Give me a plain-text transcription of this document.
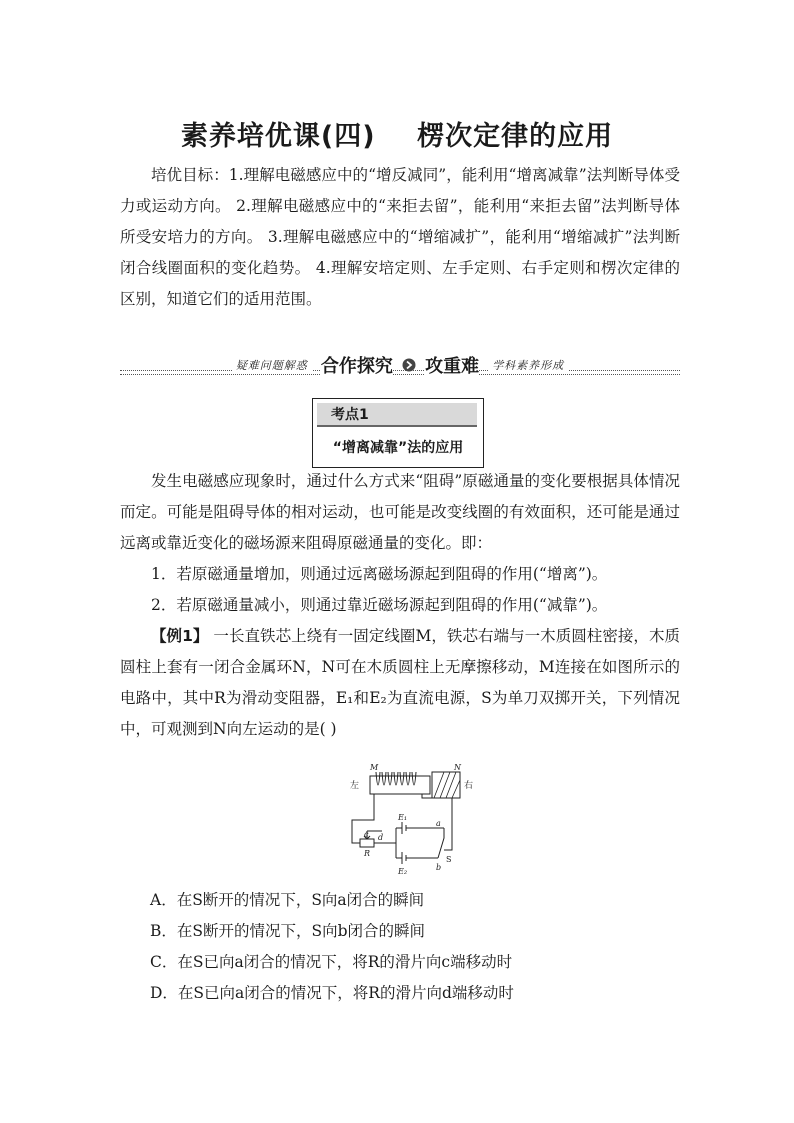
素养培优课(四)    楞次定律的应用
培优目标：1.理解电磁感应中的“增反减同”，能利用“增离减靠”法判断导体受力或运动方向。 2.理解电磁感应中的“来拒去留”，能利用“来拒去留”法判断导体所受安培力的方向。 3.理解电磁感应中的“增缩减扩”，能利用“增缩减扩”法判断闭合线圈面积的变化趋势。 4.理解安培定则、左手定则、右手定则和楞次定律的区别，知道它们的适用范围。
疑难问题解惑 合作探究 攻重难 学科素养形成
考点1
“增离减靠”法的应用
发生电磁感应现象时，通过什么方式来“阻碍”原磁通量的变化要根据具体情况而定。可能是阻碍导体的相对运动，也可能是改变线圈的有效面积，还可能是通过远离或靠近变化的磁场源来阻碍原磁通量的变化。即：
1．若原磁通量增加，则通过远离磁场源起到阻碍的作用(“增离”)。
2．若原磁通量减小，则通过靠近磁场源起到阻碍的作用(“减靠”)。
【例1】 一长直铁芯上绕有一固定线圈M，铁芯右端与一木质圆柱密接，木质圆柱上套有一闭合金属环N，N可在木质圆柱上无摩擦移动，M连接在如图所示的电路中，其中R为滑动变阻器，E₁和E₂为直流电源，S为单刀双掷开关，下列情况中，可观测到N向左运动的是( )
M	N
左	右
E₁
E₂
a
b
c d
R
S
A．在S断开的情况下，S向a闭合的瞬间
B．在S断开的情况下，S向b闭合的瞬间
C．在S已向a闭合的情况下，将R的滑片向c端移动时
D．在S已向a闭合的情况下，将R的滑片向d端移动时
